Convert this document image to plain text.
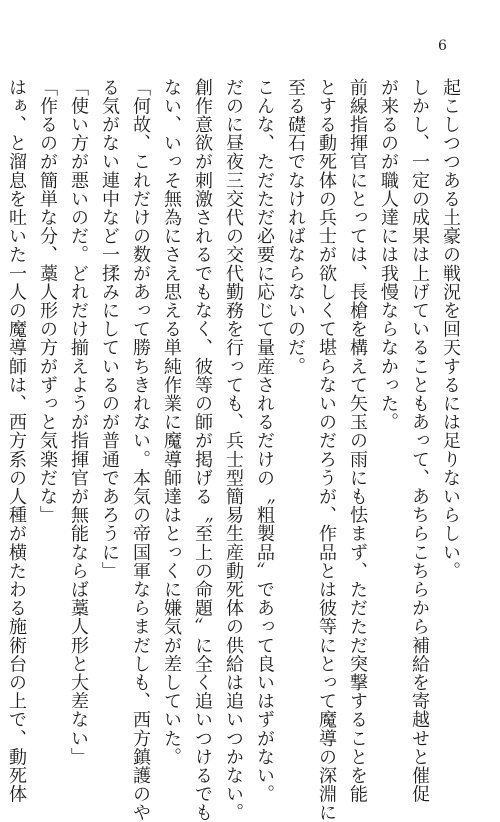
6
起こしつつある土豪の戦況を回天するには足りないらしい。
しかし、一定の成果は上げていることもあって、あちらこちらから補給を寄越せと催促
が来るのが職人達には我慢ならなかった。
前線指揮官にとっては、長槍を構えて矢玉の雨にも怯まず、ただただ突撃することを能
とする動死体の兵士が欲しくて堪らないのだろうが、作品とは彼等にとって魔導の深淵に
至る礎石でなければならないのだ。
こんな、ただただ必要に応じて量産されるだけの〝粗製品〟であって良いはずがない。
だのに昼夜三交代の交代勤務を行っても、兵士型簡易生産動死体の供給は追いつかない。
創作意欲が刺激されるでもなく、彼等の師が掲げる〝至上の命題〟に全く追いつけるでも
ない、いっそ無為にさえ思える単純作業に魔導師達はとっくに嫌気が差していた。
「何故、これだけの数があって勝ちきれない。本気の帝国軍ならまだしも、西方鎮護のや
る気がない連中など一揉みにしているのが普通であろうに」
「使い方が悪いのだ。どれだけ揃えようが指揮官が無能ならば藁人形と大差ない」
「作るのが簡単な分、藁人形の方がずっと気楽だな」
はぁ、と溜息を吐いた一人の魔導師は、西方系の人種が横たわる施術台の上で、動死体
